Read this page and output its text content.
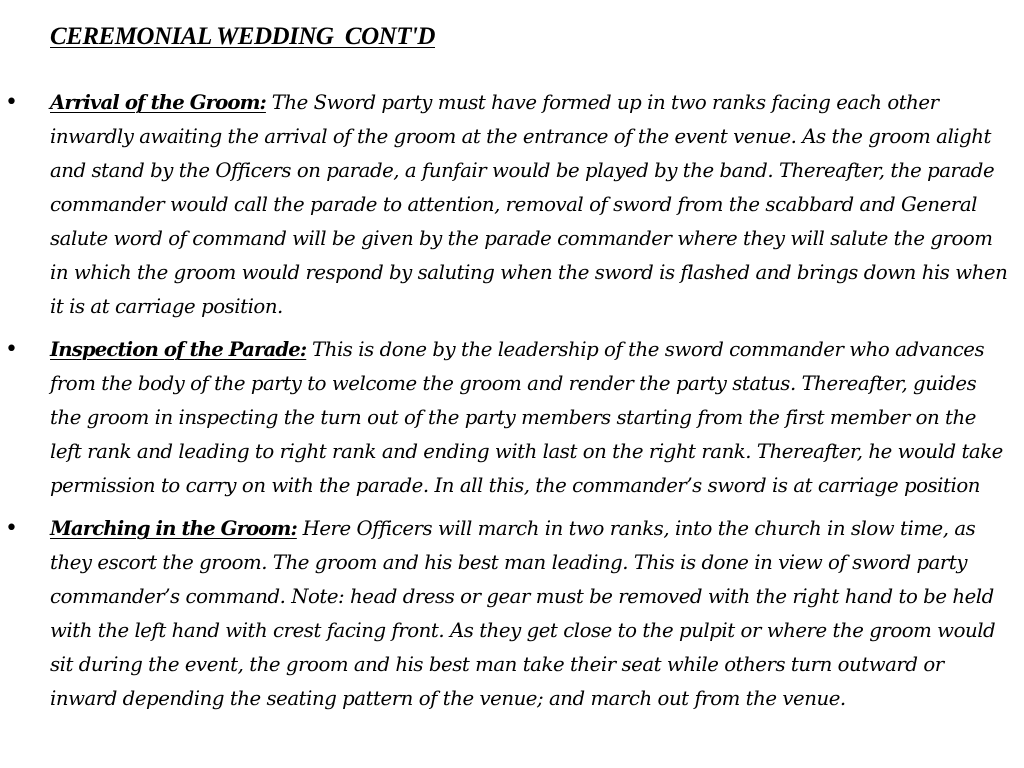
CEREMONIAL WEDDING  CONT'D
• Arrival of the Groom: The Sword party must have formed up in two ranks facing each other inwardly awaiting the arrival of the groom at the entrance of the event venue. As the groom alight and stand by the Officers on parade, a funfair would be played by the band. Thereafter, the parade commander would call the parade to attention, removal of sword from the scabbard and General salute word of command will be given by the parade commander where they will salute the groom in which the groom would respond by saluting when the sword is flashed and brings down his when it is at carriage position.

• Inspection of the Parade: This is done by the leadership of the sword commander who advances from the body of the party to welcome the groom and render the party status. Thereafter, guides the groom in inspecting the turn out of the party members starting from the first member on the left rank and leading to right rank and ending with last on the right rank. Thereafter, he would take permission to carry on with the parade. In all this, the commander’s sword is at carriage position

• Marching in the Groom: Here Officers will march in two ranks, into the church in slow time, as they escort the groom. The groom and his best man leading. This is done in view of sword party commander’s command. Note: head dress or gear must be removed with the right hand to be held with the left hand with crest facing front. As they get close to the pulpit or where the groom would sit during the event, the groom and his best man take their seat while others turn outward or inward depending the seating pattern of the venue; and march out from the venue.
